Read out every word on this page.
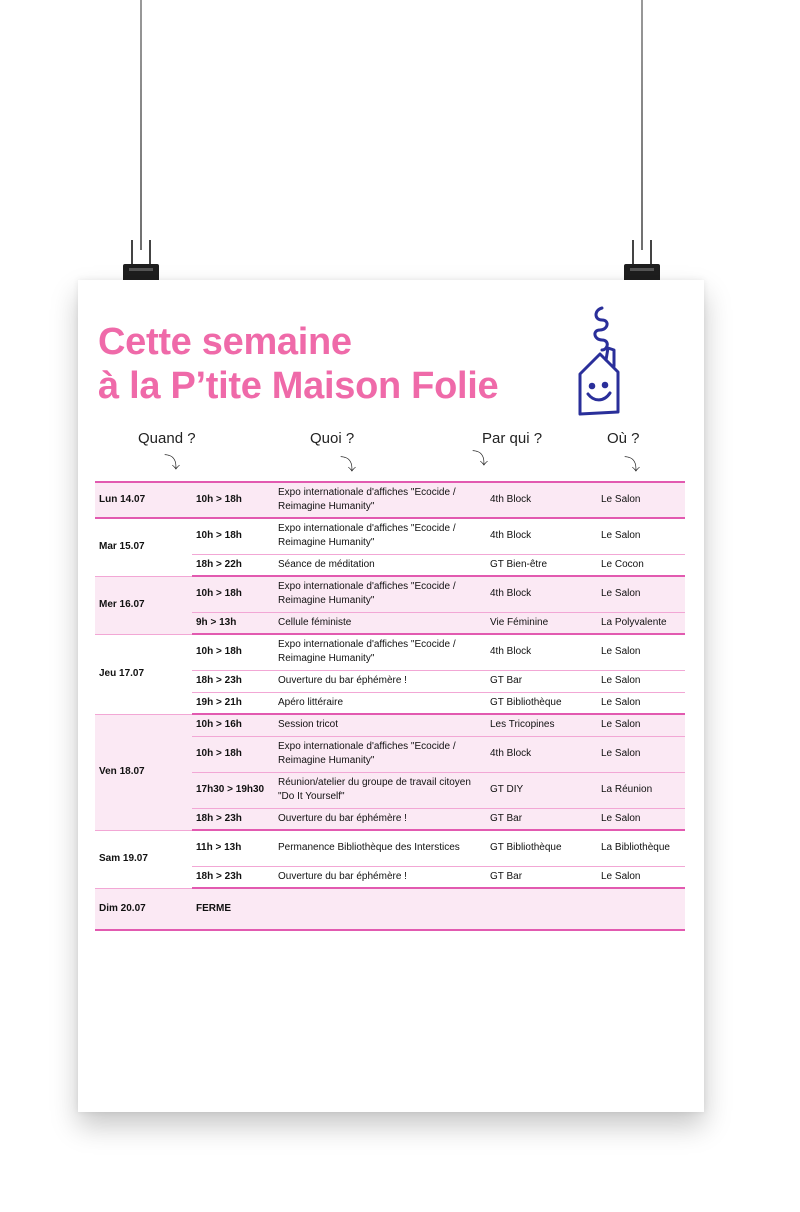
Cette semaine
à la P’tite Maison Folie
Quand ?	Quoi ?	Par qui ?	Où ?
⤵	⤵	⤵	⤵
Lun 14.07	10h > 18h	Expo internationale d'affiches "Ecocide / Reimagine Humanity"	4th Block	Le Salon
Mar 15.07	10h > 18h	Expo internationale d'affiches "Ecocide / Reimagine Humanity"	4th Block	Le Salon
	18h > 22h	Séance de méditation	GT Bien-être	Le Cocon
Mer 16.07	10h > 18h	Expo internationale d'affiches "Ecocide / Reimagine Humanity"	4th Block	Le Salon
	9h > 13h	Cellule féministe	Vie Féminine	La Polyvalente
Jeu 17.07	10h > 18h	Expo internationale d'affiches "Ecocide / Reimagine Humanity"	4th Block	Le Salon
	18h > 23h	Ouverture du bar éphémère !	GT Bar	Le Salon
	19h > 21h	Apéro littéraire	GT Bibliothèque	Le Salon
Ven 18.07	10h > 16h	Session tricot	Les Tricopines	Le Salon
	10h > 18h	Expo internationale d'affiches "Ecocide / Reimagine Humanity"	4th Block	Le Salon
	17h30 > 19h30	Réunion/atelier du groupe de travail citoyen "Do It Yourself"	GT DIY	La Réunion
	18h > 23h	Ouverture du bar éphémère !	GT Bar	Le Salon
Sam 19.07	11h > 13h	Permanence Bibliothèque des Interstices	GT Bibliothèque	La Bibliothèque
	18h > 23h	Ouverture du bar éphémère !	GT Bar	Le Salon
Dim 20.07	FERME			
